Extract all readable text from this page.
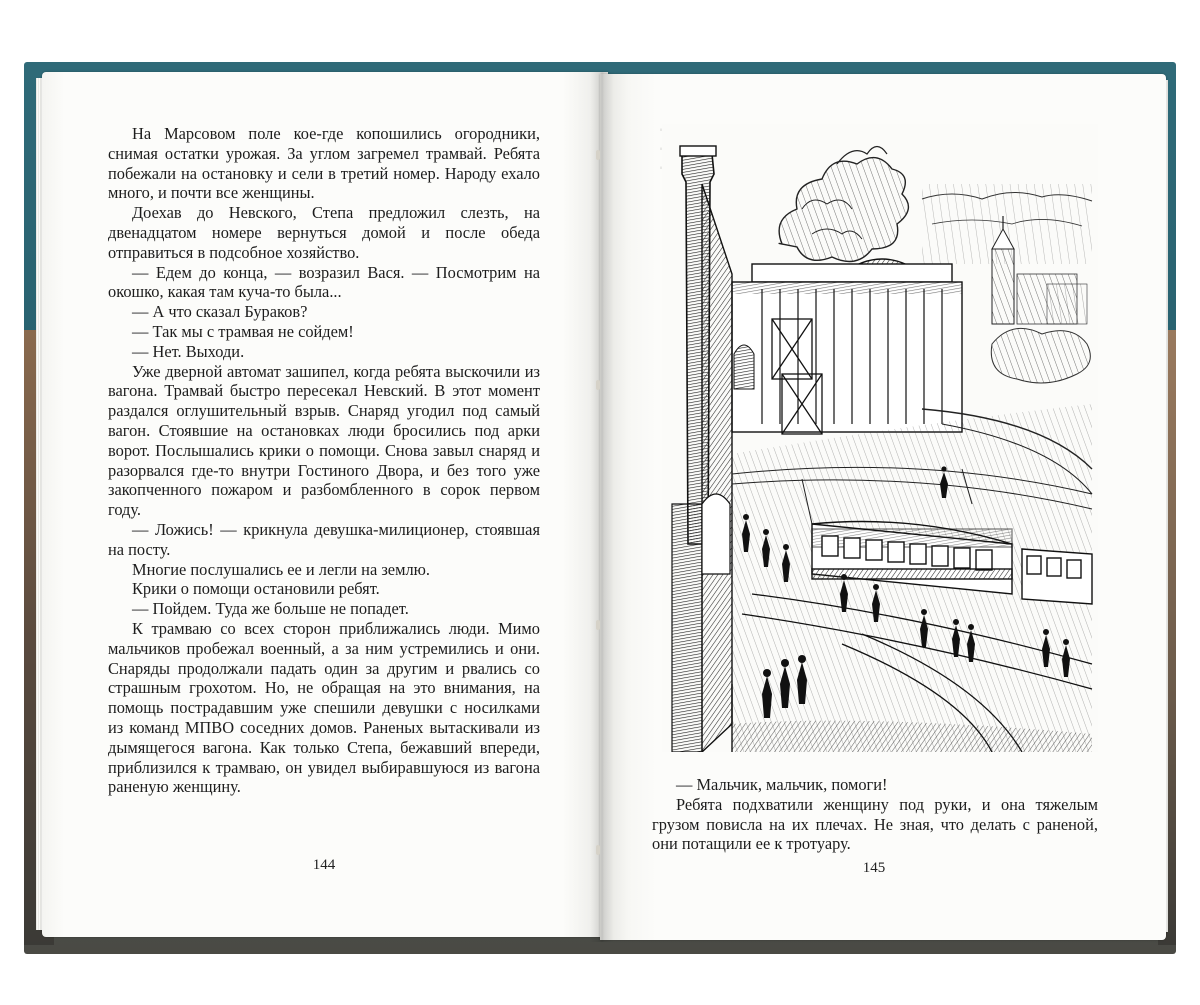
На Марсовом поле кое-где копошились огородники, снимая остатки урожая. За углом загремел трамвай. Ребята побежали на остановку и сели в третий номер. Народу ехало много, и почти все женщины.

Доехав до Невского, Степа предложил слезть, на двенадцатом номере вернуться домой и после обеда отправиться в подсобное хозяйство.

— Едем до конца, — возразил Вася. — Посмотрим на окошко, какая там куча-то была...

— А что сказал Бураков?

— Так мы с трамвая не сойдем!

— Нет. Выходи.

Уже дверной автомат зашипел, когда ребята выскочили из вагона. Трамвай быстро пересекал Невский. В этот момент раздался оглушительный взрыв. Снаряд угодил под самый вагон. Стоявшие на остановках люди бросились под арки ворот. Послышались крики о помощи. Снова завыл снаряд и разорвался где-то внутри Гостиного Двора, и без того уже закопченного пожаром и разбомбленного в сорок первом году.

— Ложись! — крикнула девушка-милиционер, стоявшая на посту.

Многие послушались ее и легли на землю.

Крики о помощи остановили ребят.

— Пойдем. Туда же больше не попадет.

К трамваю со всех сторон приближались люди. Мимо мальчиков пробежал военный, а за ним устремились и они. Снаряды продолжали падать один за другим и рвались со страшным грохотом. Но, не обращая на это внимания, на помощь пострадавшим уже спешили девушки с носилками из команд МПВО соседних домов. Раненых вытаскивали из дымящегося вагона. Как только Степа, бежавший впереди, приблизился к трамваю, он увидел выбиравшуюся из вагона раненую женщину.

144

— Мальчик, мальчик, помоги!

Ребята подхватили женщину под руки, и она тяжелым грузом повисла на их плечах. Не зная, что делать с раненой, они потащили ее к тротуару.

145
